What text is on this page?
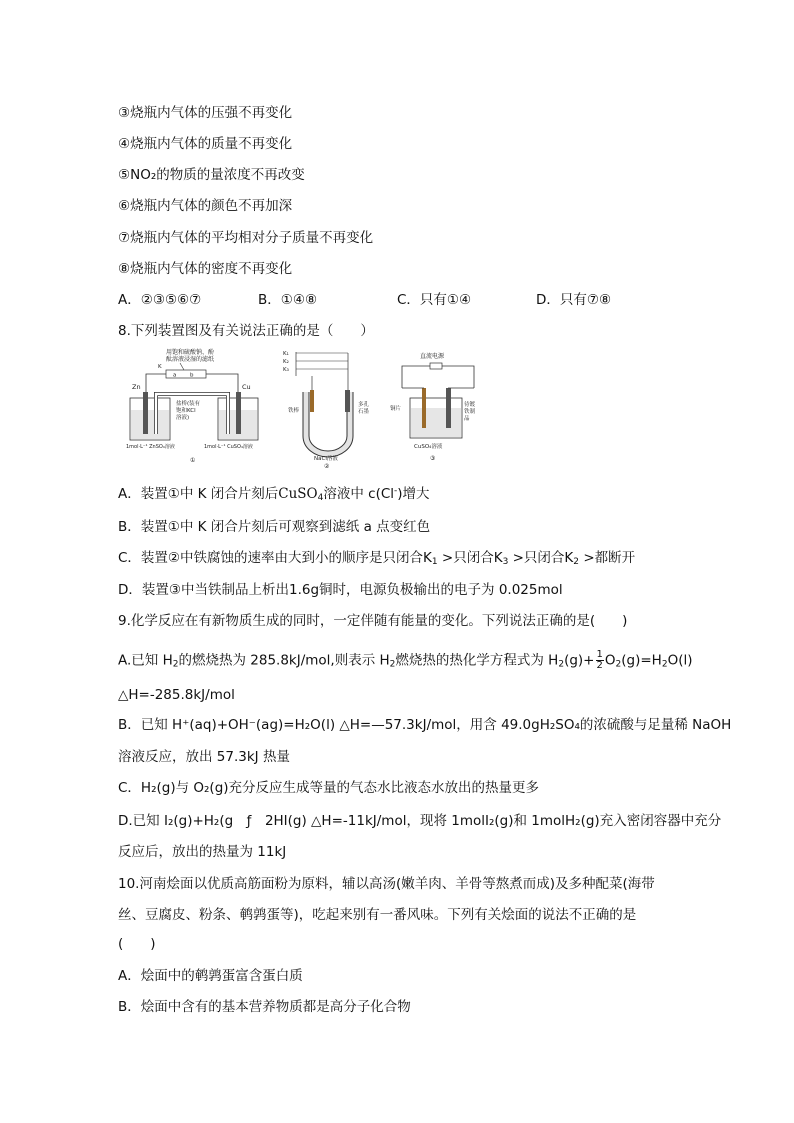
③烧瓶内气体的压强不再变化
④烧瓶内气体的质量不再变化
⑤NO₂的物质的量浓度不再改变
⑥烧瓶内气体的颜色不再加深
⑦烧瓶内气体的平均相对分子质量不再变化
⑧烧瓶内气体的密度不再变化
A．②③⑤⑥⑦	B．①④⑧	C．只有①④	D．只有⑦⑧
8.下列装置图及有关说法正确的是（　　）
用饱和硫酸钠、酚
酞溶液浸湿的滤纸
a b
K
Zn	Cu
盐桥(装有
饱和KCl
溶液)
1mol·L⁻¹ ZnSO₄溶液	1mol·L⁻¹ CuSO₄溶液
①
K₁
K₂
K₃
铁棒
多孔
石墨
NaCl溶液
②
直流电源
铜片
待镀
铁制
品
CuSO₄溶液
③
A．装置①中 K 闭合片刻后CuSO$_4$溶液中 c(Cl-)增大
B．装置①中 K 闭合片刻后可观察到滤纸 a 点变红色
C．装置②中铁腐蚀的速率由大到小的顺序是只闭合$K_1$ >只闭合$K_3$ >只闭合$K_2$ >都断开
D．装置③中当铁制品上析出1.6g铜时，电源负极输出的电子为 0.025mol
9.化学反应在有新物质生成的同时，一定伴随有能量的变化。下列说法正确的是(　　)
A.已知 $H_2$的燃烧热为 285.8kJ/mol,则表示 $H_2$燃烧热的热化学方程式为 $H_2(g)+ \frac{1}{2} O_2(g)=H_2O(l)$
△H=-285.8kJ/mol
B．已知 H⁺(aq)+OH⁻(ag)=H₂O(l) △H=—57.3kJ/mol，用含 49.0gH₂SO₄的浓硫酸与足量稀 NaOH
溶液反应，放出 57.3kJ 热量
C．H₂(g)与 O₂(g)充分反应生成等量的气态水比液态水放出的热量更多
D.已知 I₂(g)+H₂(g　ƒ　2HI(g) △H=-11kJ/mol，现将 1molI₂(g)和 1molH₂(g)充入密闭容器中充分
反应后，放出的热量为 11kJ
10.河南烩面以优质高筋面粉为原料，辅以高汤(嫩羊肉、羊骨等熬煮而成)及多种配菜(海带
丝、豆腐皮、粉条、鹌鹑蛋等)，吃起来别有一番风味。下列有关烩面的说法不正确的是
(　　)
A．烩面中的鹌鹑蛋富含蛋白质
B．烩面中含有的基本营养物质都是高分子化合物
